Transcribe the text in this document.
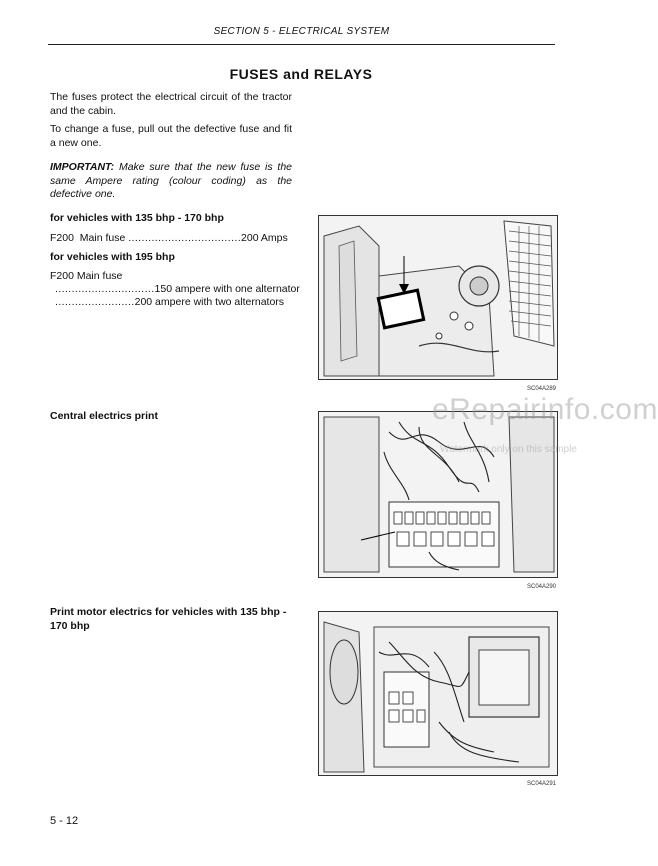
SECTION 5 - ELECTRICAL SYSTEM
FUSES and RELAYS
The fuses protect the electrical circuit of the tractor and the cabin.
To change a fuse, pull out the defective fuse and fit a new one.
IMPORTANT: Make sure that the new fuse is the same Ampere rating (colour coding) as the defective one.
for vehicles with 135 bhp - 170 bhp
F200 Main fuse ..................................200 Amps
for vehicles with 195 bhp
F200 Main fuse
..............................150 ampere with one alternator
........................200 ampere with two alternators
Central electrics print
Print motor electrics for vehicles with 135 bhp - 170 bhp
SC04A289
SC04A290
SC04A291
eRepairinfo.com
Watermark only on this sample
5 - 12
